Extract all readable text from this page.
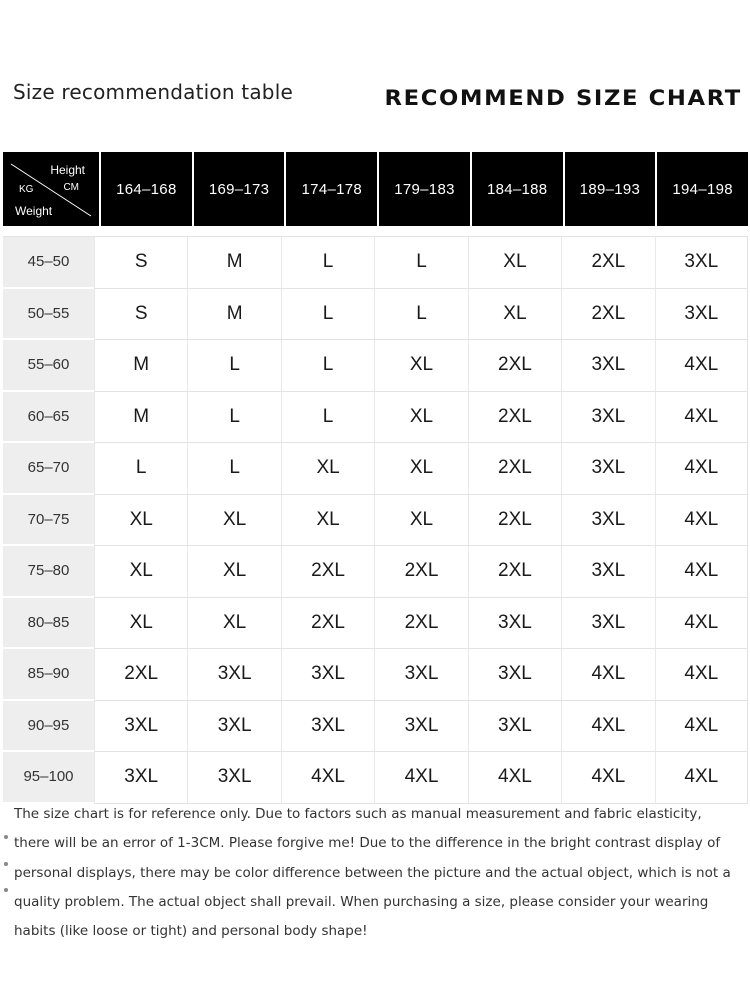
Size recommendation table	RECOMMEND SIZE CHART
Height
CM
KG
Weight
164–168	169–173	174–178	179–183	184–188	189–193	194–198
45–50	S	M	L	L	XL	2XL	3XL
50–55	S	M	L	L	XL	2XL	3XL
55–60	M	L	L	XL	2XL	3XL	4XL
60–65	M	L	L	XL	2XL	3XL	4XL
65–70	L	L	XL	XL	2XL	3XL	4XL
70–75	XL	XL	XL	XL	2XL	3XL	4XL
75–80	XL	XL	2XL	2XL	2XL	3XL	4XL
80–85	XL	XL	2XL	2XL	3XL	3XL	4XL
85–90	2XL	3XL	3XL	3XL	3XL	4XL	4XL
90–95	3XL	3XL	3XL	3XL	3XL	4XL	4XL
95–100	3XL	3XL	4XL	4XL	4XL	4XL	4XL
The size chart is for reference only. Due to factors such as manual measurement and fabric elasticity,
there will be an error of 1-3CM. Please forgive me! Due to the difference in the bright contrast display of
personal displays, there may be color difference between the picture and the actual object, which is not a
quality problem. The actual object shall prevail. When purchasing a size, please consider your wearing
habits (like loose or tight) and personal body shape!
